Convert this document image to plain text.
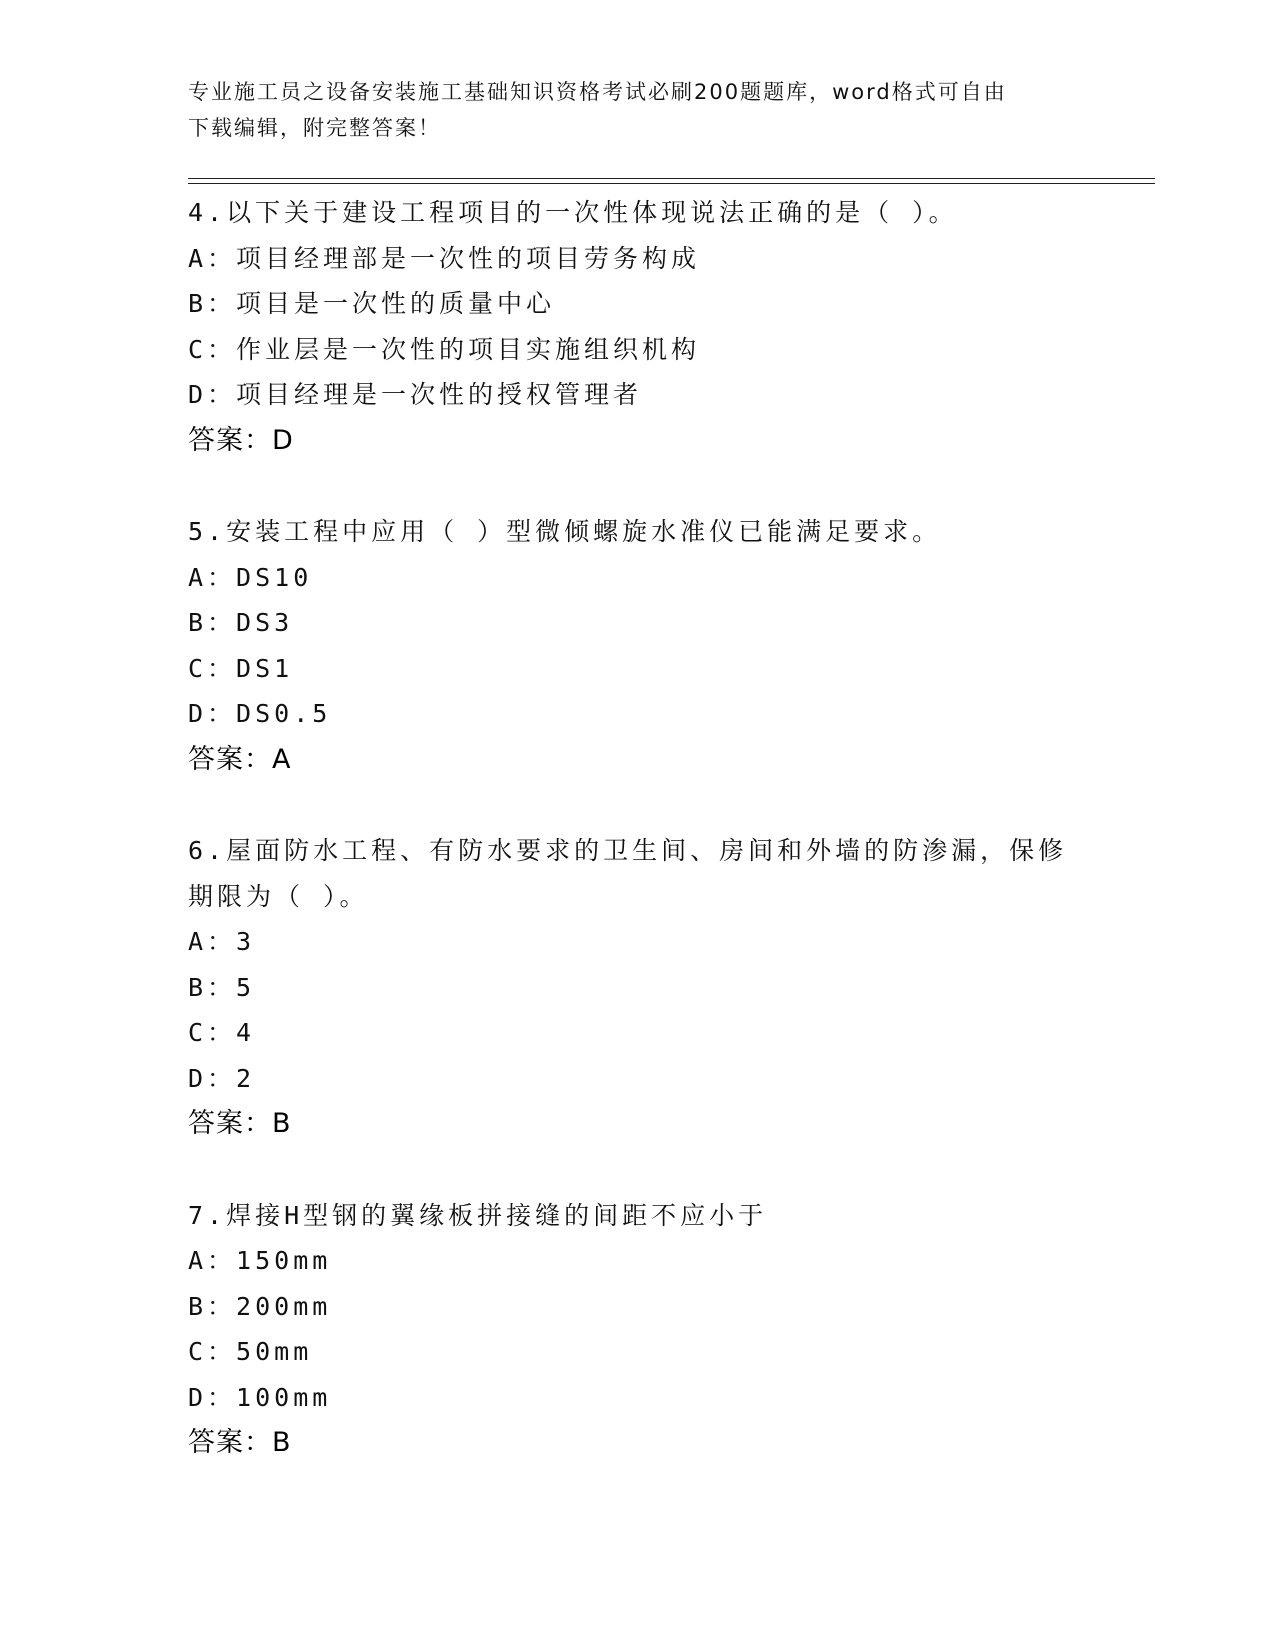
专业施工员之设备安装施工基础知识资格考试必刷200题题库，word格式可自由
下载编辑，附完整答案！
4.以下关于建设工程项目的一次性体现说法正确的是（ ）。
A：项目经理部是一次性的项目劳务构成
B：项目是一次性的质量中心
C：作业层是一次性的项目实施组织机构
D：项目经理是一次性的授权管理者
答案：D
5.安装工程中应用（ ）型微倾螺旋水准仪已能满足要求。
A：DS10
B：DS3
C：DS1
D：DS0.5
答案：A
6.屋面防水工程、有防水要求的卫生间、房间和外墙的防渗漏，保修
期限为（ ）。
A：3
B：5
C：4
D：2
答案：B
7.焊接H型钢的翼缘板拼接缝的间距不应小于
A：150mm
B：200mm
C：50mm
D：100mm
答案：B
